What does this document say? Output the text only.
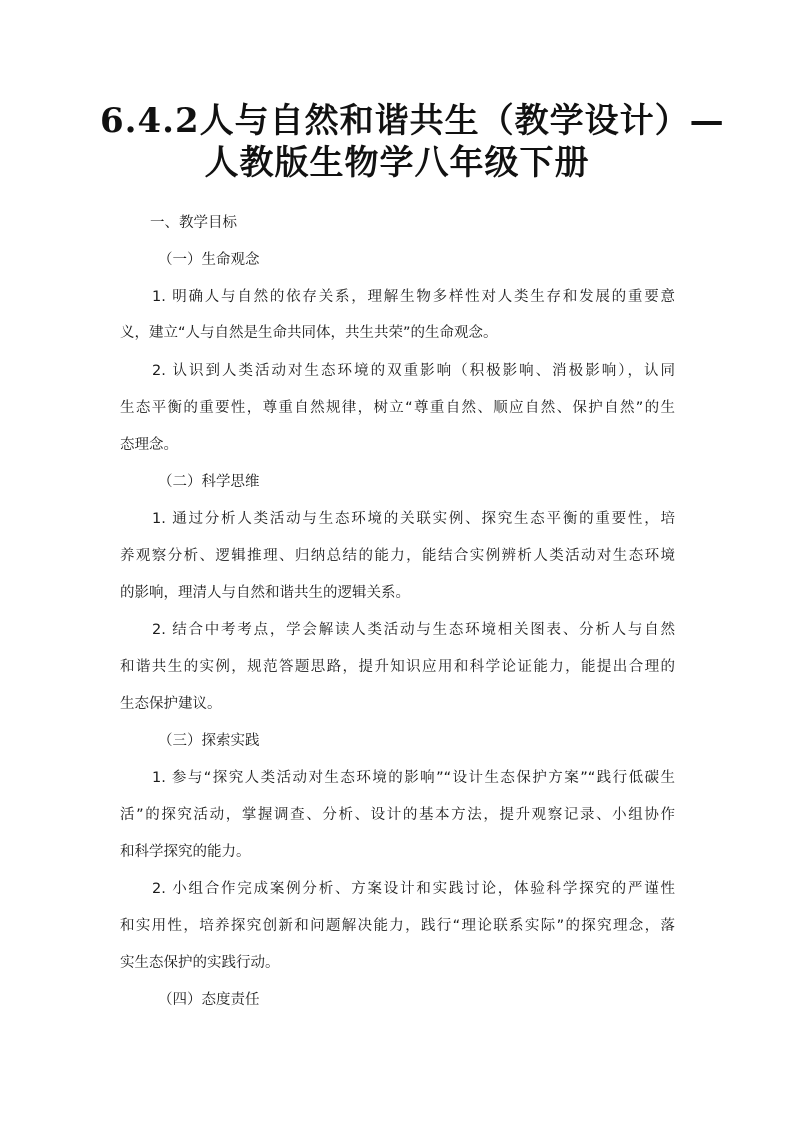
6.4.2人与自然和谐共生（教学设计）—
人教版生物学八年级下册

一、教学目标

（一）生命观念

1. 明确人与自然的依存关系，理解生物多样性对人类生存和发展的重要意

义，建立“人与自然是生命共同体，共生共荣”的生命观念。

2. 认识到人类活动对生态环境的双重影响（积极影响、消极影响），认同

生态平衡的重要性，尊重自然规律，树立“尊重自然、顺应自然、保护自然”的生

态理念。

（二）科学思维

1. 通过分析人类活动与生态环境的关联实例、探究生态平衡的重要性，培

养观察分析、逻辑推理、归纳总结的能力，能结合实例辨析人类活动对生态环境

的影响，理清人与自然和谐共生的逻辑关系。

2. 结合中考考点，学会解读人类活动与生态环境相关图表、分析人与自然

和谐共生的实例，规范答题思路，提升知识应用和科学论证能力，能提出合理的

生态保护建议。

（三）探索实践

1. 参与“探究人类活动对生态环境的影响”“设计生态保护方案”“践行低碳生

活”的探究活动，掌握调查、分析、设计的基本方法，提升观察记录、小组协作

和科学探究的能力。

2. 小组合作完成案例分析、方案设计和实践讨论，体验科学探究的严谨性

和实用性，培养探究创新和问题解决能力，践行“理论联系实际”的探究理念，落

实生态保护的实践行动。

（四）态度责任
